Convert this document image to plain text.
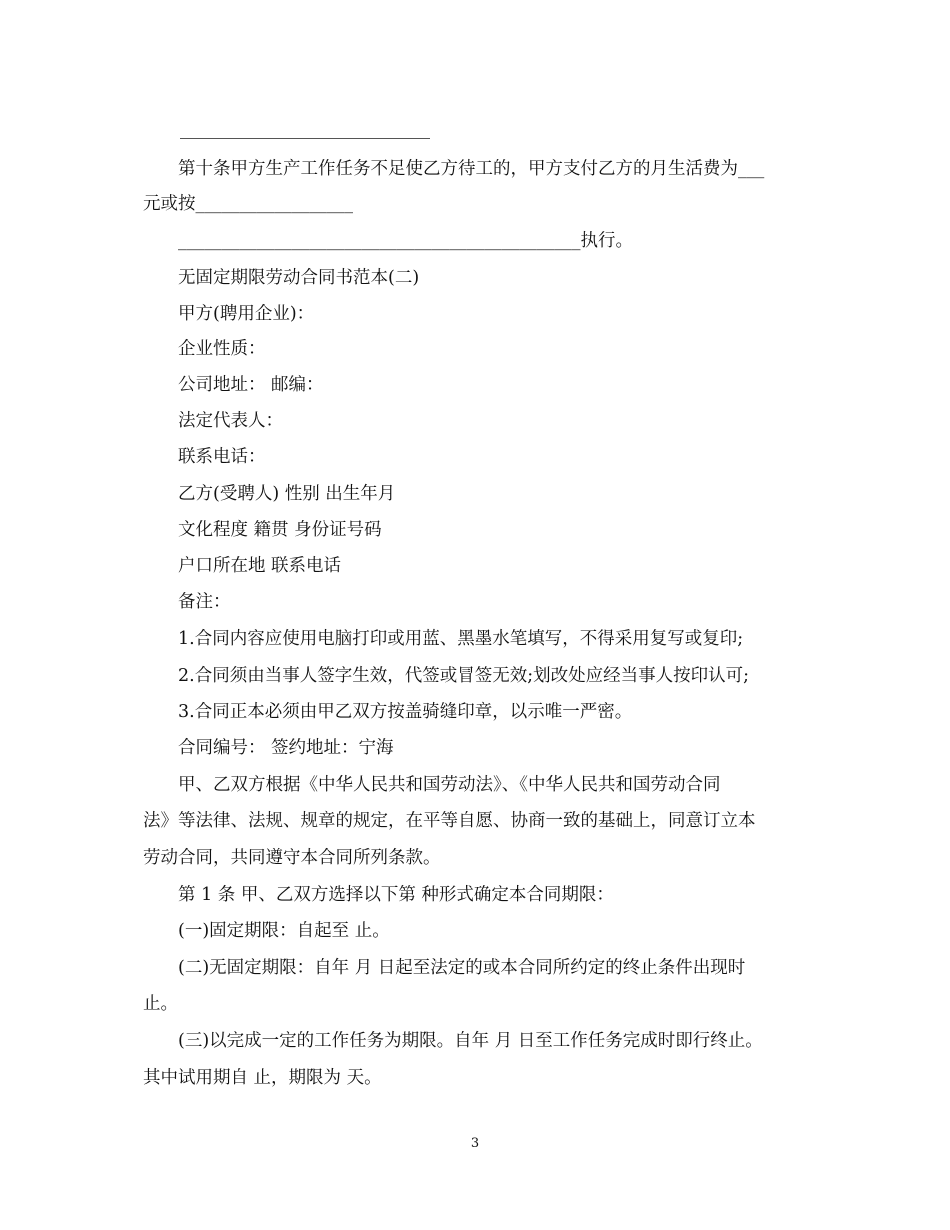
第十条甲方生产工作任务不足使乙方待工的，甲方支付乙方的月生活费为___
元或按__________________
______________________________________________执行。
无固定期限劳动合同书范本(二)
甲方(聘用企业)：
企业性质：
公司地址： 邮编：
法定代表人：
联系电话：
乙方(受聘人) 性别 出生年月
文化程度 籍贯 身份证号码
户口所在地 联系电话
备注：
1.合同内容应使用电脑打印或用蓝、黑墨水笔填写，不得采用复写或复印;
2.合同须由当事人签字生效，代签或冒签无效;划改处应经当事人按印认可;
3.合同正本必须由甲乙双方按盖骑缝印章，以示唯一严密。
合同编号： 签约地址：宁海
甲、乙双方根据《中华人民共和国劳动法》、《中华人民共和国劳动合同
法》等法律、法规、规章的规定，在平等自愿、协商一致的基础上，同意订立本
劳动合同，共同遵守本合同所列条款。
第 1 条 甲、乙双方选择以下第 种形式确定本合同期限：
(一)固定期限：自起至 止。
(二)无固定期限：自年 月 日起至法定的或本合同所约定的终止条件出现时
止。
(三)以完成一定的工作任务为期限。自年 月 日至工作任务完成时即行终止。
其中试用期自 止，期限为 天。
3
